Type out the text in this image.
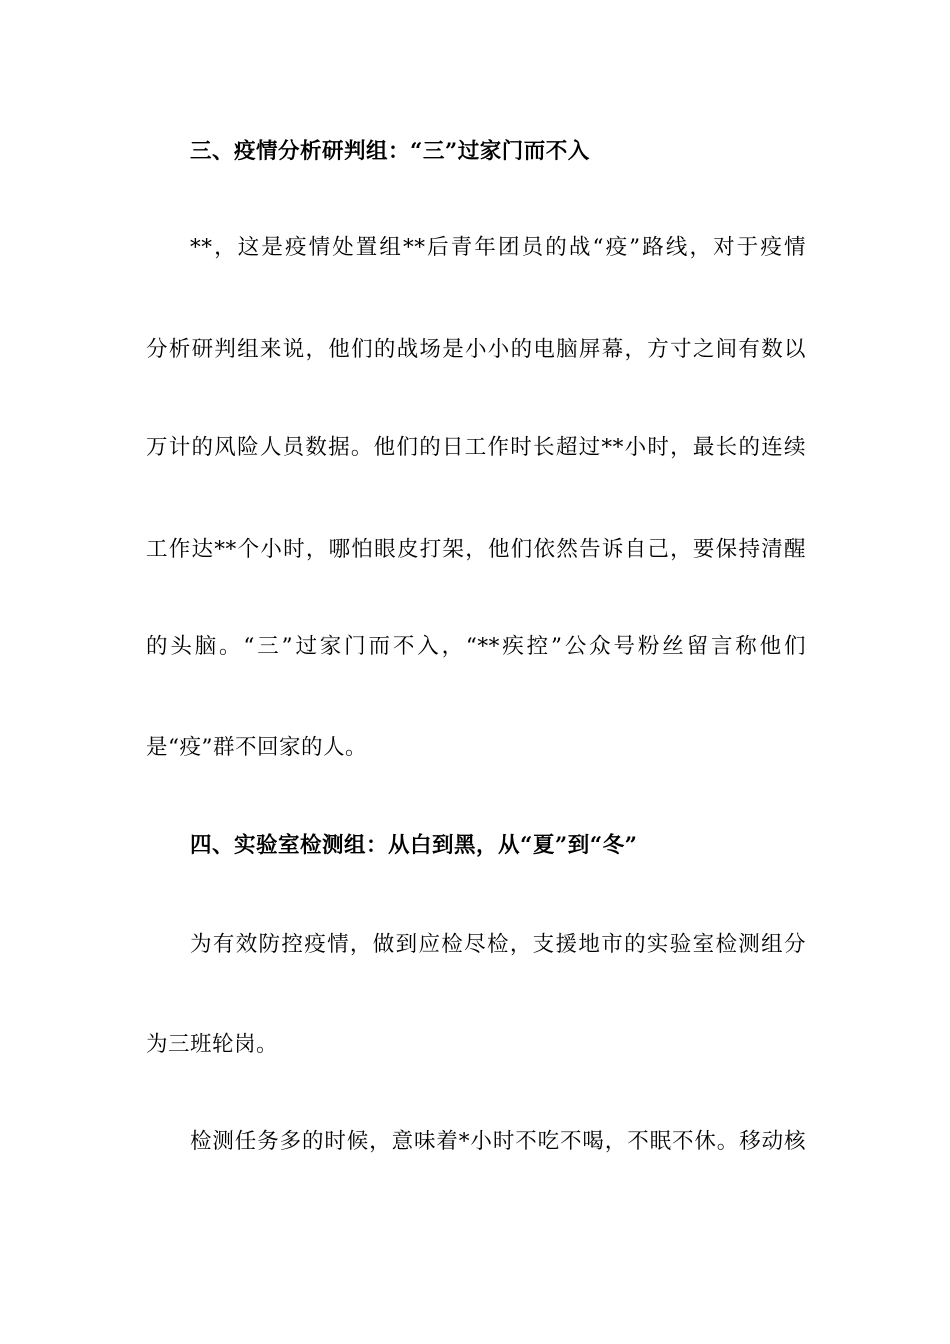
三、疫情分析研判组：“三”过家门而不入
**，这是疫情处置组**后青年团员的战“疫”路线，对于疫情
分析研判组来说，他们的战场是小小的电脑屏幕，方寸之间有数以
万计的风险人员数据。他们的日工作时长超过**小时，最长的连续
工作达**个小时，哪怕眼皮打架，他们依然告诉自己，要保持清醒
的头脑。“三”过家门而不入，“**疾控”公众号粉丝留言称他们
是“疫”群不回家的人。
四、实验室检测组：从白到黑，从“夏”到“冬”
为有效防控疫情，做到应检尽检，支援地市的实验室检测组分
为三班轮岗。
检测任务多的时候，意味着*小时不吃不喝，不眠不休。移动核
